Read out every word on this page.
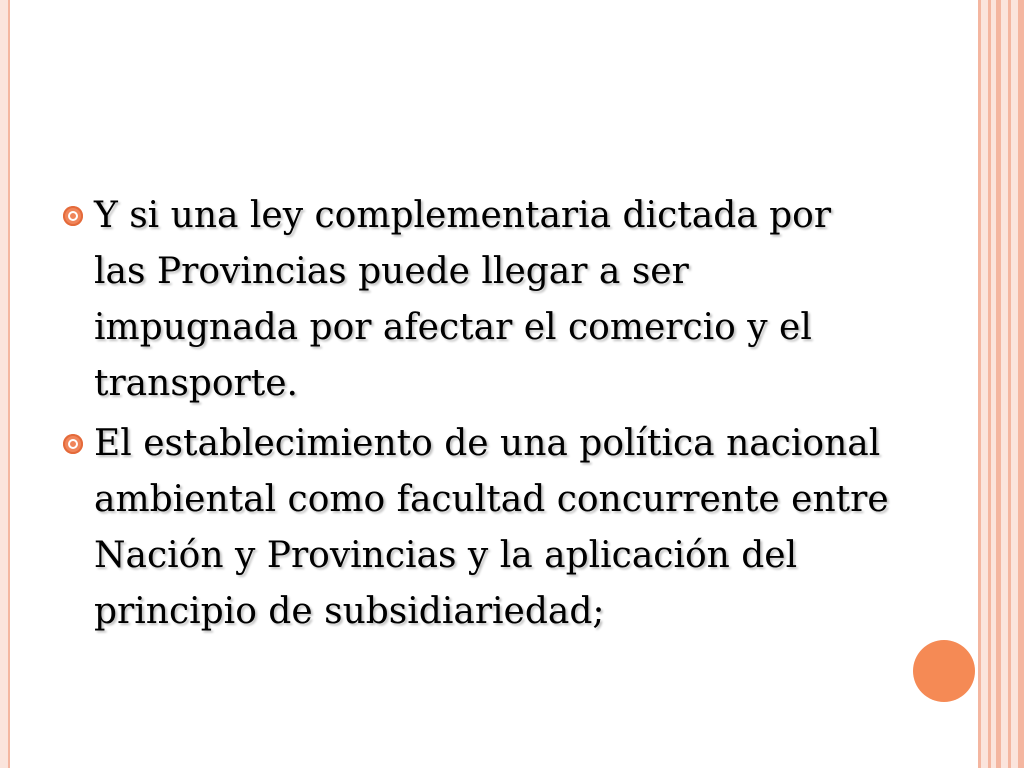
Y si una ley complementaria dictada por las Provincias puede llegar a ser impugnada por afectar el comercio y el transporte.
El establecimiento de una política nacional ambiental como facultad concurrente entre Nación y Provincias y la aplicación del principio de subsidiariedad;
